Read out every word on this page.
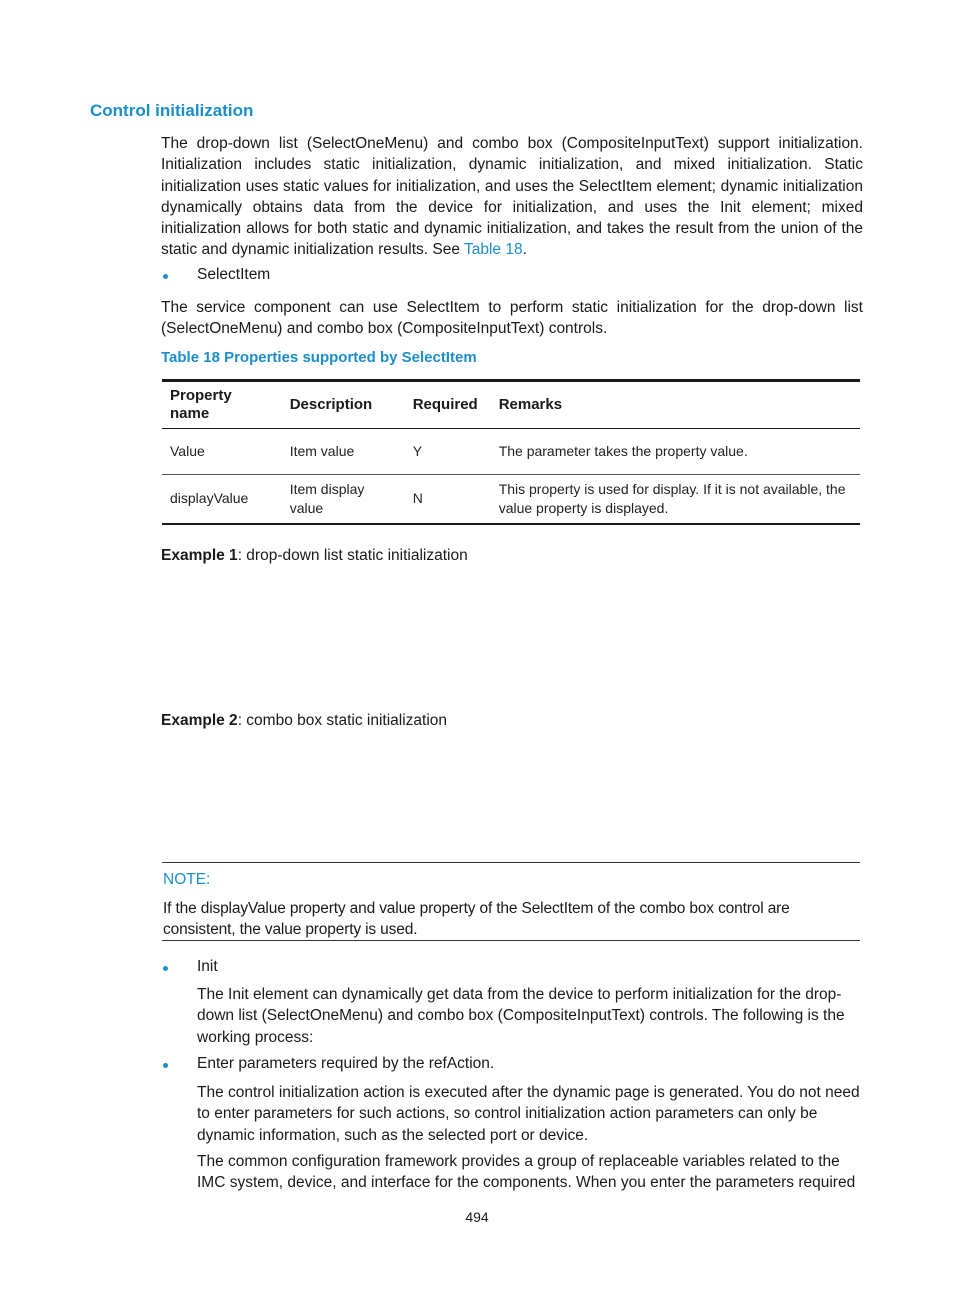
Control initialization

The drop-down list (SelectOneMenu) and combo box (CompositeInputText) support initialization. Initialization includes static initialization, dynamic initialization, and mixed initialization. Static initialization uses static values for initialization, and uses the SelectItem element; dynamic initialization dynamically obtains data from the device for initialization, and uses the Init element; mixed initialization allows for both static and dynamic initialization, and takes the result from the union of the static and dynamic initialization results. See Table 18.

SelectItem

The service component can use SelectItem to perform static initialization for the drop-down list (SelectOneMenu) and combo box (CompositeInputText) controls.

Table 18 Properties supported by SelectItem
Property name	Description	Required	Remarks
Value	Item value	Y	The parameter takes the property value.
displayValue	Item display value	N	This property is used for display. If it is not available, the value property is displayed.
Example 1: drop-down list static initialization
Example 2: combo box static initialization
NOTE:

If the displayValue property and value property of the SelectItem of the combo box control are consistent, the value property is used.

Init

The Init element can dynamically get data from the device to perform initialization for the drop-down list (SelectOneMenu) and combo box (CompositeInputText) controls. The following is the working process:

Enter parameters required by the refAction.

The control initialization action is executed after the dynamic page is generated. You do not need to enter parameters for such actions, so control initialization action parameters can only be dynamic information, such as the selected port or device.

The common configuration framework provides a group of replaceable variables related to the IMC system, device, and interface for the components. When you enter the parameters required

494
